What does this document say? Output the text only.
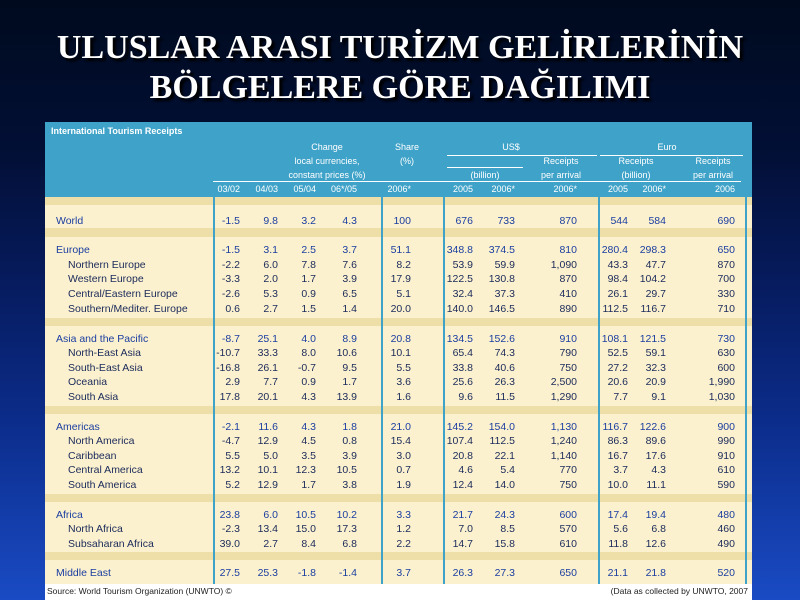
ULUSLAR ARASI TURİZM GELİRLERİNİN
BÖLGELERE GÖRE DAĞILIMI
International Tourism Receipts
Change
local currencies,
constant prices (%)
Share
(%)
US$
(billion)
Receipts
per arrival
Euro
Receipts
(billion)
Receipts
per arrival
03/02	04/03	05/04	06*/05	2006*	2005	2006*	2006*	2005	2006*	2006
World	-1.5	9.8	3.2	4.3	100	676	733	870	544	584	690
Europe	-1.5	3.1	2.5	3.7	51.1	348.8	374.5	810	280.4	298.3	650
Northern Europe	-2.2	6.0	7.8	7.6	8.2	53.9	59.9	1,090	43.3	47.7	870
Western Europe	-3.3	2.0	1.7	3.9	17.9	122.5	130.8	870	98.4	104.2	700
Central/Eastern Europe	-2.6	5.3	0.9	6.5	5.1	32.4	37.3	410	26.1	29.7	330
Southern/Mediter. Europe	0.6	2.7	1.5	1.4	20.0	140.0	146.5	890	112.5	116.7	710
Asia and the Pacific	-8.7	25.1	4.0	8.9	20.8	134.5	152.6	910	108.1	121.5	730
North-East Asia	-10.7	33.3	8.0	10.6	10.1	65.4	74.3	790	52.5	59.1	630
South-East Asia	-16.8	26.1	-0.7	9.5	5.5	33.8	40.6	750	27.2	32.3	600
Oceania	2.9	7.7	0.9	1.7	3.6	25.6	26.3	2,500	20.6	20.9	1,990
South Asia	17.8	20.1	4.3	13.9	1.6	9.6	11.5	1,290	7.7	9.1	1,030
Americas	-2.1	11.6	4.3	1.8	21.0	145.2	154.0	1,130	116.7	122.6	900
North America	-4.7	12.9	4.5	0.8	15.4	107.4	112.5	1,240	86.3	89.6	990
Caribbean	5.5	5.0	3.5	3.9	3.0	20.8	22.1	1,140	16.7	17.6	910
Central America	13.2	10.1	12.3	10.5	0.7	4.6	5.4	770	3.7	4.3	610
South America	5.2	12.9	1.7	3.8	1.9	12.4	14.0	750	10.0	11.1	590
Africa	23.8	6.0	10.5	10.2	3.3	21.7	24.3	600	17.4	19.4	480
North Africa	-2.3	13.4	15.0	17.3	1.2	7.0	8.5	570	5.6	6.8	460
Subsaharan Africa	39.0	2.7	8.4	6.8	2.2	14.7	15.8	610	11.8	12.6	490
Middle East	27.5	25.3	-1.8	-1.4	3.7	26.3	27.3	650	21.1	21.8	520
Source: World Tourism Organization (UNWTO) ©	(Data as collected by UNWTO, 2007
